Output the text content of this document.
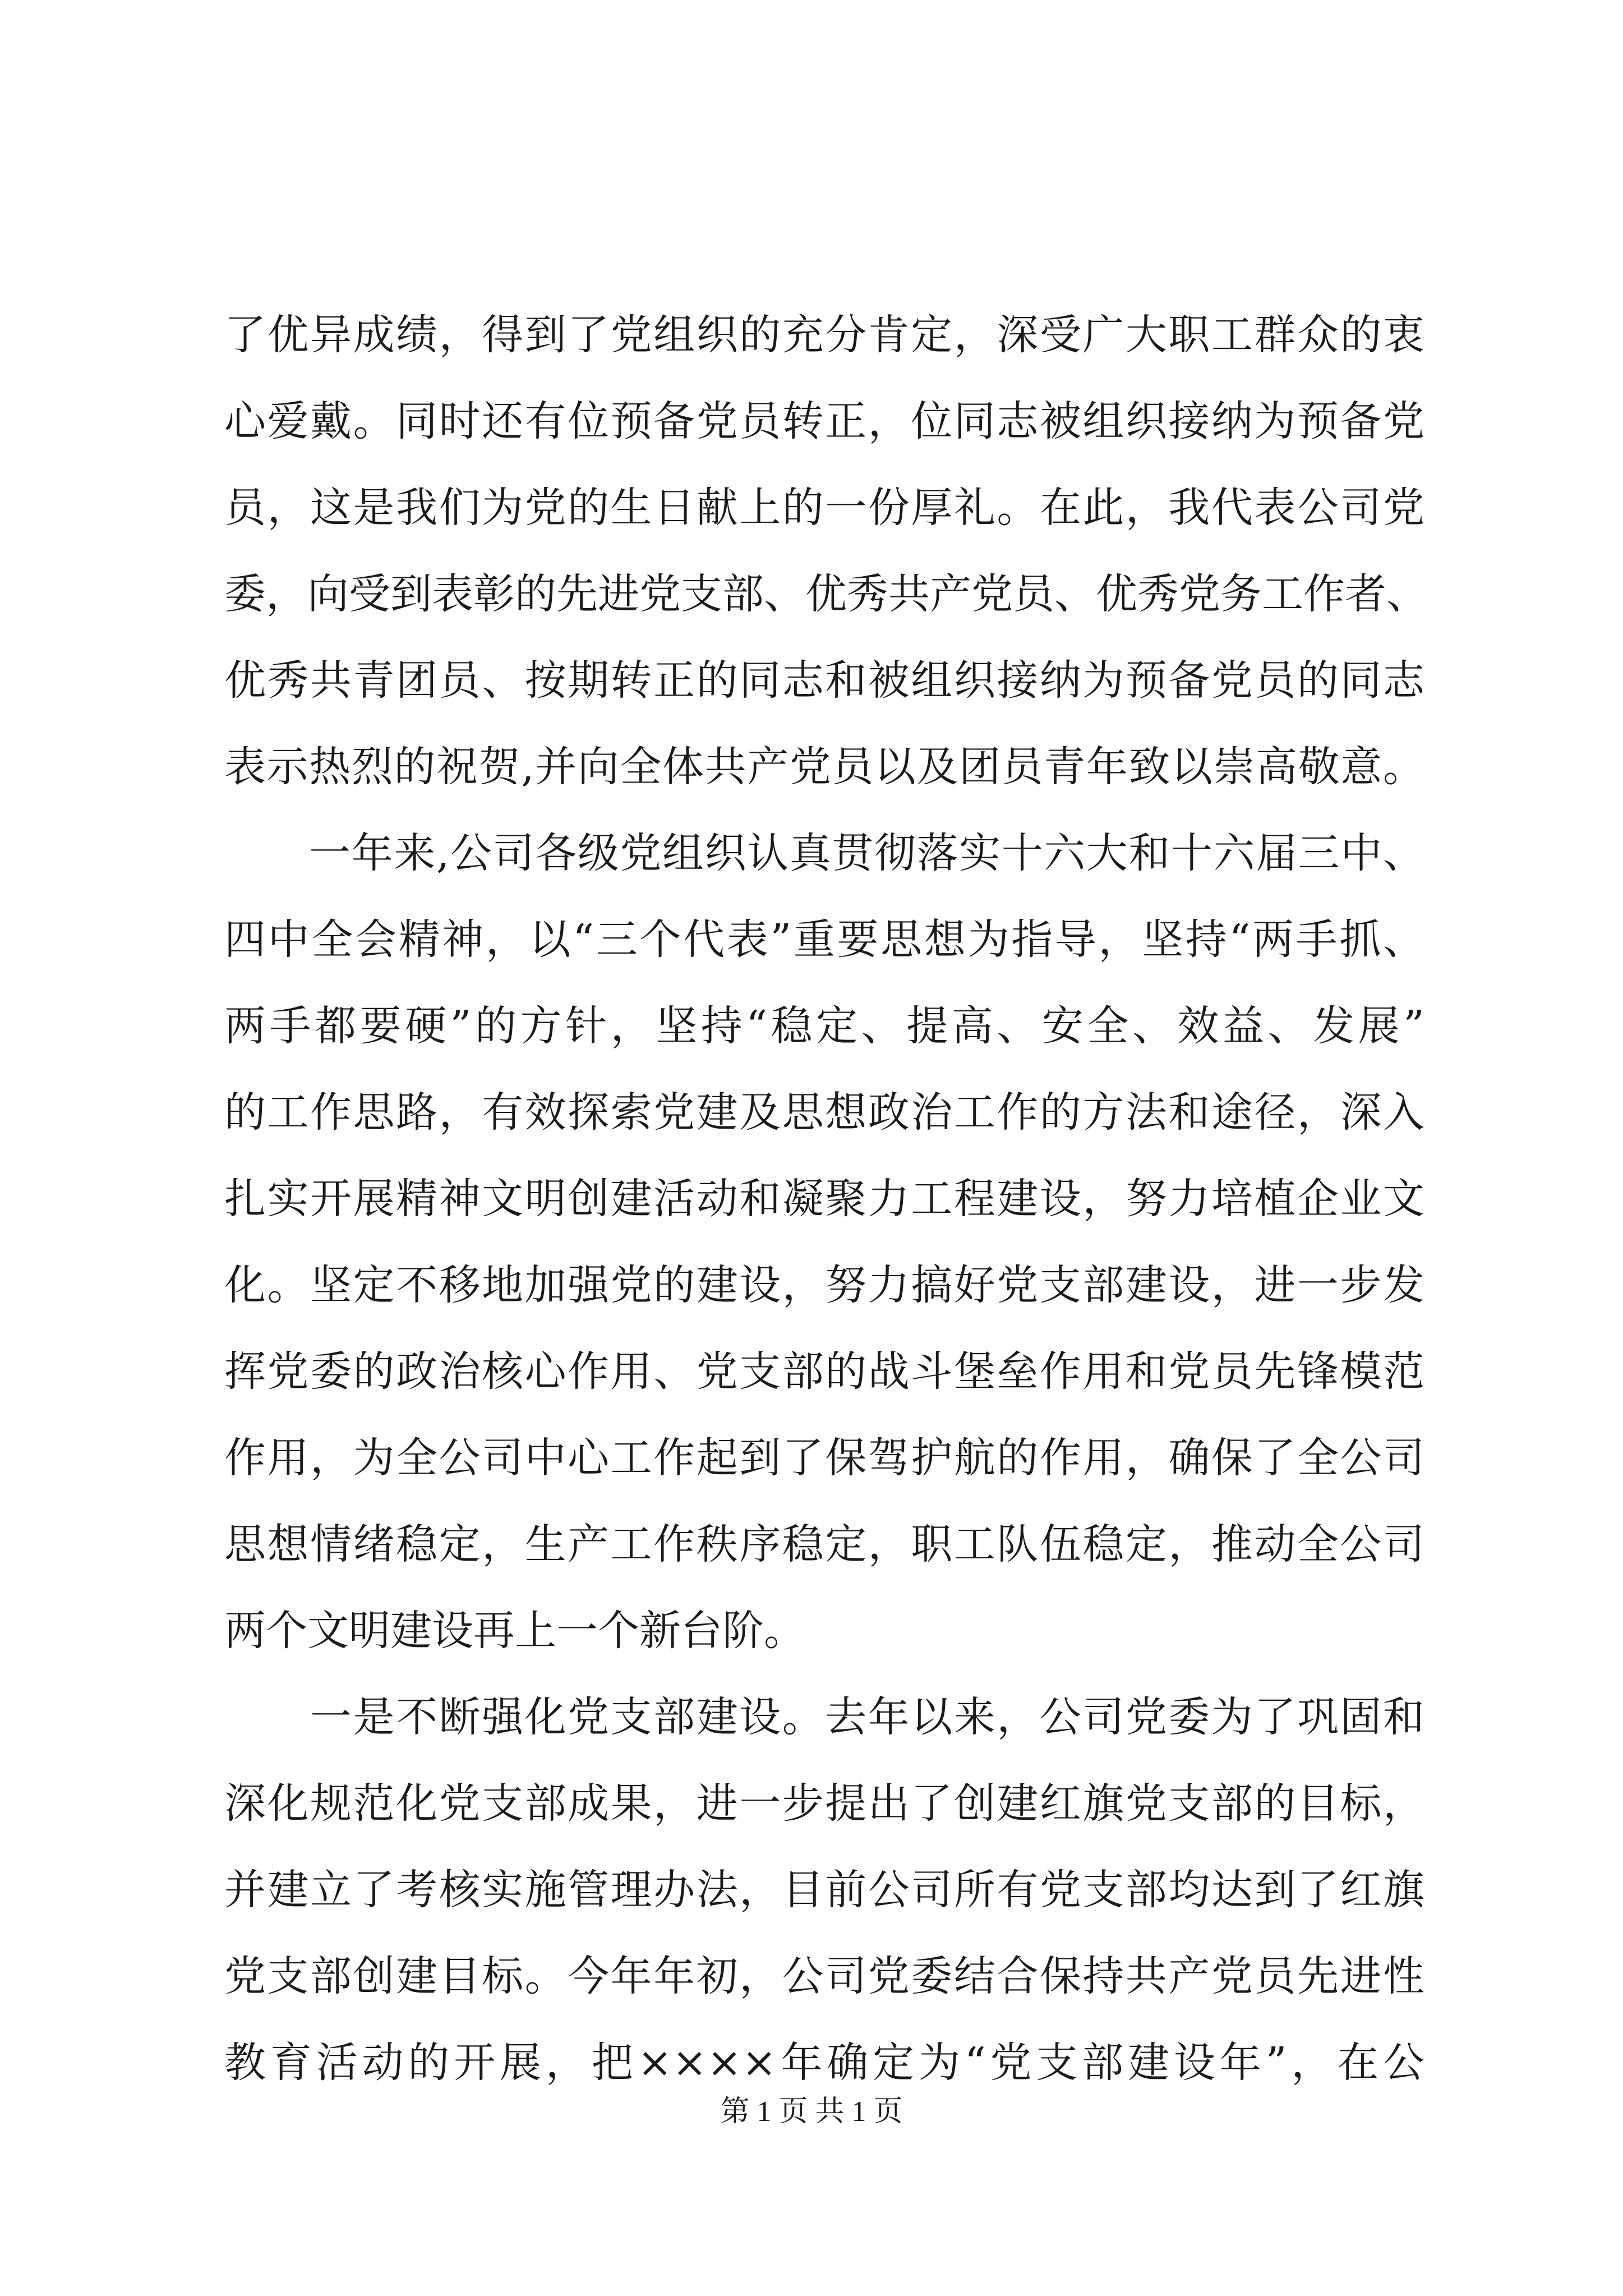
了优异成绩，得到了党组织的充分肯定，深受广大职工群众的衷
心爱戴。同时还有位预备党员转正，位同志被组织接纳为预备党
员，这是我们为党的生日献上的一份厚礼。在此，我代表公司党
委，向受到表彰的先进党支部、优秀共产党员、优秀党务工作者、
优秀共青团员、按期转正的同志和被组织接纳为预备党员的同志
表示热烈的祝贺,并向全体共产党员以及团员青年致以崇高敬意。
　　一年来,公司各级党组织认真贯彻落实十六大和十六届三中、
四中全会精神，以“三个代表”重要思想为指导，坚持“两手抓、
两手都要硬”的方针，坚持“稳定、提高、安全、效益、发展”
的工作思路，有效探索党建及思想政治工作的方法和途径，深入
扎实开展精神文明创建活动和凝聚力工程建设，努力培植企业文
化。坚定不移地加强党的建设，努力搞好党支部建设，进一步发
挥党委的政治核心作用、党支部的战斗堡垒作用和党员先锋模范
作用，为全公司中心工作起到了保驾护航的作用，确保了全公司
思想情绪稳定，生产工作秩序稳定，职工队伍稳定，推动全公司
两个文明建设再上一个新台阶。
　　一是不断强化党支部建设。去年以来，公司党委为了巩固和
深化规范化党支部成果，进一步提出了创建红旗党支部的目标，
并建立了考核实施管理办法，目前公司所有党支部均达到了红旗
党支部创建目标。今年年初，公司党委结合保持共产党员先进性
教育活动的开展，把××××年确定为“党支部建设年”，在公
第 1 页 共 1 页
